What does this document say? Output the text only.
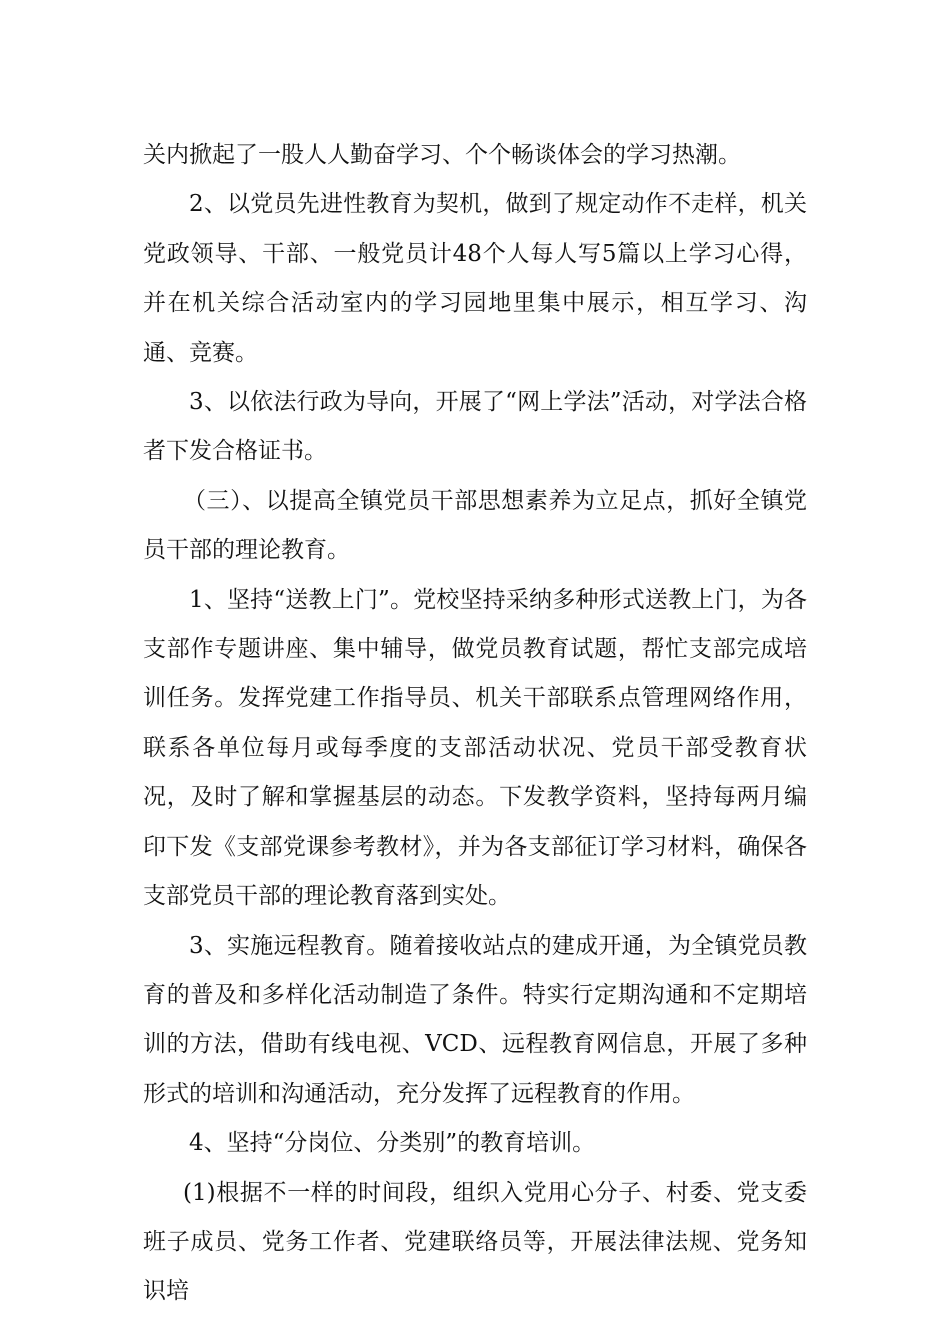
关内掀起了一股人人勤奋学习、个个畅谈体会的学习热潮。

2、以党员先进性教育为契机，做到了规定动作不走样，机关党政领导、干部、一般党员计48个人每人写5篇以上学习心得，并在机关综合活动室内的学习园地里集中展示，相互学习、沟通、竞赛。

3、以依法行政为导向，开展了“网上学法”活动，对学法合格者下发合格证书。

（三）、以提高全镇党员干部思想素养为立足点，抓好全镇党员干部的理论教育。

1、坚持“送教上门”。党校坚持采纳多种形式送教上门，为各支部作专题讲座、集中辅导，做党员教育试题，帮忙支部完成培训任务。发挥党建工作指导员、机关干部联系点管理网络作用，联系各单位每月或每季度的支部活动状况、党员干部受教育状况，及时了解和掌握基层的动态。下发教学资料，坚持每两月编印下发《支部党课参考教材》，并为各支部征订学习材料，确保各支部党员干部的理论教育落到实处。

3、实施远程教育。随着接收站点的建成开通，为全镇党员教育的普及和多样化活动制造了条件。特实行定期沟通和不定期培训的方法，借助有线电视、VCD、远程教育网信息，开展了多种形式的培训和沟通活动，充分发挥了远程教育的作用。

4、坚持“分岗位、分类别”的教育培训。

(1)根据不一样的时间段，组织入党用心分子、村委、党支委班子成员、党务工作者、党建联络员等，开展法律法规、党务知识培
